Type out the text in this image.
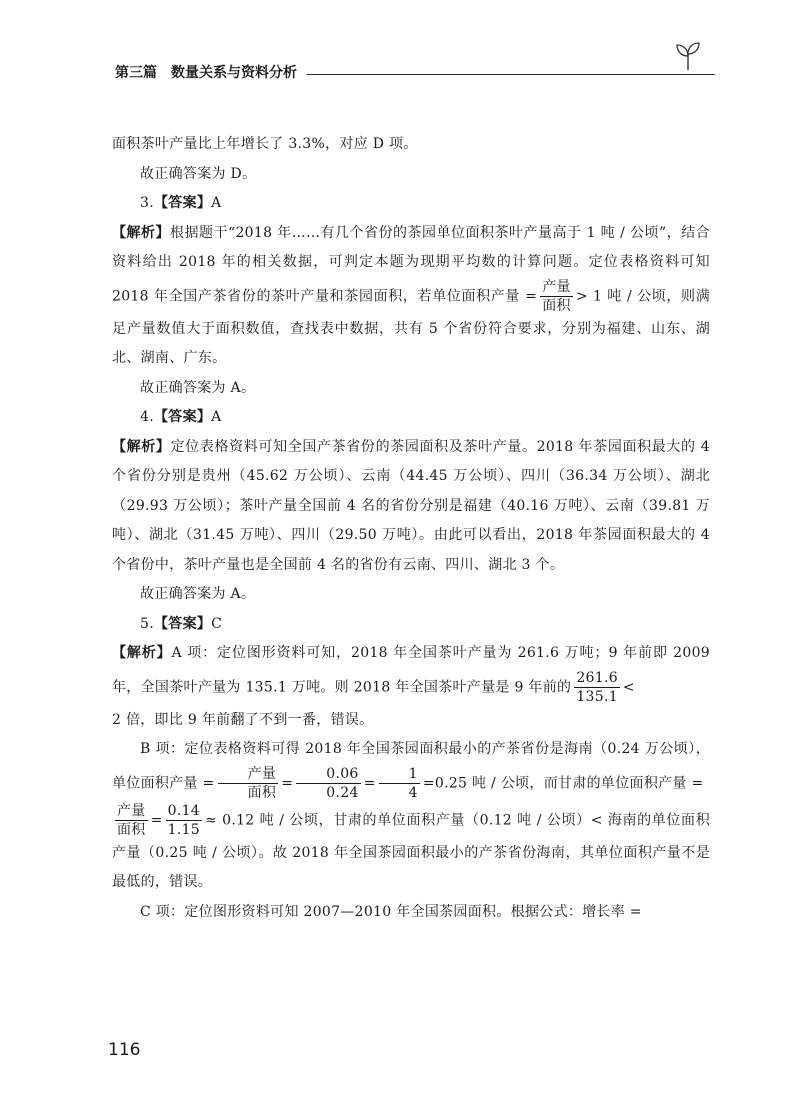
第三篇 数量关系与资料分析

面积茶叶产量比上年增长了 3.3%，对应 D 项。

故正确答案为 D。

3.【答案】A

【解析】根据题干“2018 年……有几个省份的茶园单位面积茶叶产量高于 1 吨 / 公顷”，结合资料给出 2018 年的相关数据，可判定本题为现期平均数的计算问题。定位表格资料可知 2018 年全国产茶省份的茶叶产量和茶园面积，若单位面积产量 = $\frac{\text{产量}}{\text{面积}} > 1$ 吨 / 公顷，则满足产量数值大于面积数值，查找表中数据，共有 5 个省份符合要求，分别为福建、山东、湖北、湖南、广东。

故正确答案为 A。

4.【答案】A

【解析】定位表格资料可知全国产茶省份的茶园面积及茶叶产量。2018 年茶园面积最大的 4 个省份分别是贵州（45.62 万公顷）、云南（44.45 万公顷）、四川（36.34 万公顷）、湖北（29.93 万公顷）；茶叶产量全国前 4 名的省份分别是福建（40.16 万吨）、云南（39.81 万吨）、湖北（31.45 万吨）、四川（29.50 万吨）。由此可以看出，2018 年茶园面积最大的 4 个省份中，茶叶产量也是全国前 4 名的省份有云南、四川、湖北 3 个。

故正确答案为 A。

5.【答案】C

【解析】A 项：定位图形资料可知，2018 年全国茶叶产量为 261.6 万吨；9 年前即 2009 年，全国茶叶产量为 135.1 万吨。则 2018 年全国茶叶产量是 9 年前的 $\frac{261.6}{135.1}$ <

2 倍，即比 9 年前翻了不到一番，错误。

B 项：定位表格资料可得 2018 年全国茶园面积最小的产茶省份是海南（0.24 万公顷），单位面积产量 = $\frac{\text{产量}}{\text{面积}} = \frac{0.06}{0.24} = \frac{1}{4} =0.25$ 吨 / 公顷，而甘肃的单位面积产量 =

$\frac{\text{产量}}{\text{面积}} = \frac{0.14}{1.15} \approx 0.12$ 吨 / 公顷，甘肃的单位面积产量（0.12 吨 / 公顷）< 海南的单位面积产量（0.25 吨 / 公顷）。故 2018 年全国茶园面积最小的产茶省份海南，其单位面积产量不是最低的，错误。

C 项：定位图形资料可知 2007—2010 年全国茶园面积。根据公式：增长率 =

116
